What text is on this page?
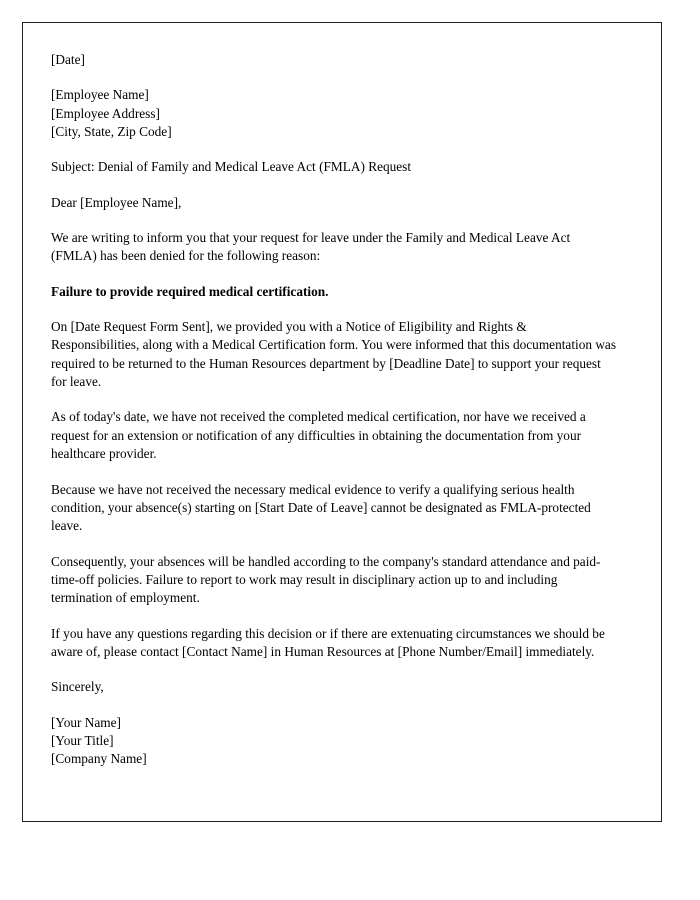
[Date]
[Employee Name]
[Employee Address]
[City, State, Zip Code]
Subject: Denial of Family and Medical Leave Act (FMLA) Request
Dear [Employee Name],
We are writing to inform you that your request for leave under the Family and Medical Leave Act (FMLA) has been denied for the following reason:
Failure to provide required medical certification.
On [Date Request Form Sent], we provided you with a Notice of Eligibility and Rights & Responsibilities, along with a Medical Certification form. You were informed that this documentation was required to be returned to the Human Resources department by [Deadline Date] to support your request for leave.
As of today's date, we have not received the completed medical certification, nor have we received a request for an extension or notification of any difficulties in obtaining the documentation from your healthcare provider.
Because we have not received the necessary medical evidence to verify a qualifying serious health condition, your absence(s) starting on [Start Date of Leave] cannot be designated as FMLA-protected leave.
Consequently, your absences will be handled according to the company's standard attendance and paid-time-off policies. Failure to report to work may result in disciplinary action up to and including termination of employment.
If you have any questions regarding this decision or if there are extenuating circumstances we should be aware of, please contact [Contact Name] in Human Resources at [Phone Number/Email] immediately.
Sincerely,
[Your Name]
[Your Title]
[Company Name]
